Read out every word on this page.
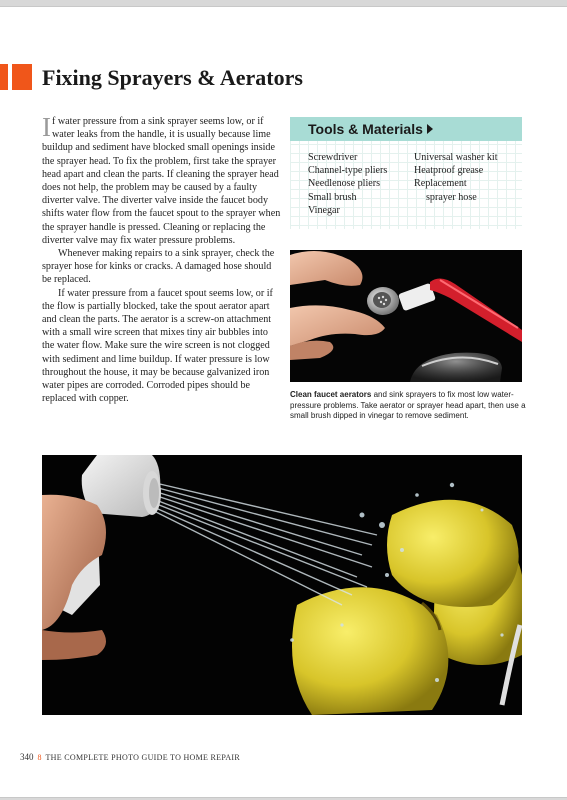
Fixing Sprayers & Aerators

If water pressure from a sink sprayer seems low, or if water leaks from the handle, it is usually because lime buildup and sediment have blocked small openings inside the sprayer head. To fix the problem, first take the sprayer head apart and clean the parts. If cleaning the sprayer head does not help, the problem may be caused by a faulty diverter valve. The diverter valve inside the faucet body shifts water flow from the faucet spout to the sprayer when the sprayer handle is pressed. Cleaning or replacing the diverter valve may fix water pressure problems.

Whenever making repairs to a sink sprayer, check the sprayer hose for kinks or cracks. A damaged hose should be replaced.

If water pressure from a faucet spout seems low, or if the flow is partially blocked, take the spout aerator apart and clean the parts. The aerator is a screw-on attachment with a small wire screen that mixes tiny air bubbles into the water flow. Make sure the wire screen is not clogged with sediment and lime buildup. If water pressure is low throughout the house, it may be because galvanized iron water pipes are corroded. Corroded pipes should be replaced with copper.

Tools & Materials
Screwdriver
Channel-type pliers
Needlenose pliers
Small brush
Vinegar
Universal washer kit
Heatproof grease
Replacement
sprayer hose
Clean faucet aerators and sink sprayers to fix most low water-pressure problems. Take aerator or sprayer head apart, then use a small brush dipped in vinegar to remove sediment.
340 8 THE COMPLETE PHOTO GUIDE TO HOME REPAIR
